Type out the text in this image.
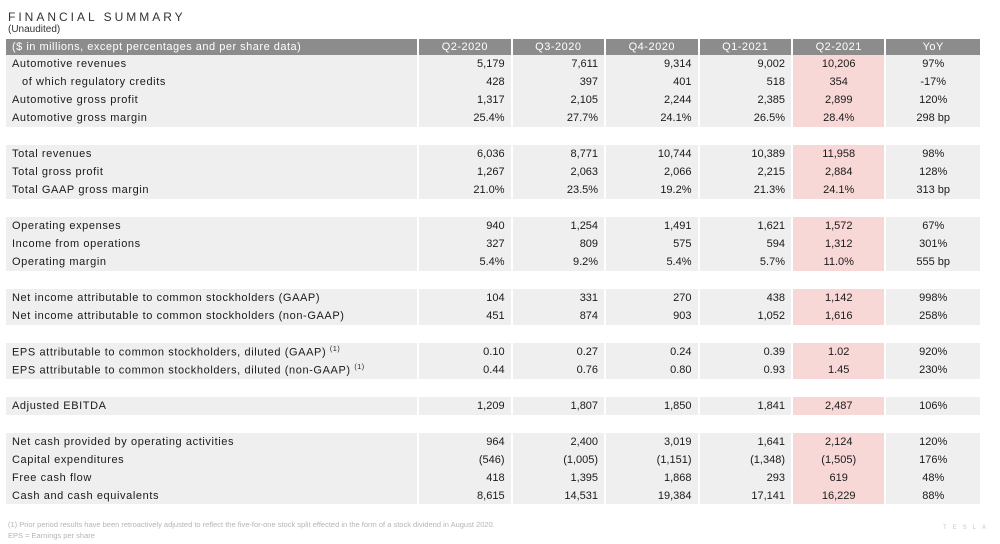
FINANCIAL SUMMARY
(Unaudited)
($ in millions, except percentages and per share data)	Q2-2020	Q3-2020	Q4-2020	Q1-2021	Q2-2021	YoY
Automotive revenues	5,179	7,611	9,314	9,002	10,206	97%
of which regulatory credits	428	397	401	518	354	-17%
Automotive gross profit	1,317	2,105	2,244	2,385	2,899	120%
Automotive gross margin	25.4%	27.7%	24.1%	26.5%	28.4%	298 bp

Total revenues	6,036	8,771	10,744	10,389	11,958	98%
Total gross profit	1,267	2,063	2,066	2,215	2,884	128%
Total GAAP gross margin	21.0%	23.5%	19.2%	21.3%	24.1%	313 bp

Operating expenses	940	1,254	1,491	1,621	1,572	67%
Income from operations	327	809	575	594	1,312	301%
Operating margin	5.4%	9.2%	5.4%	5.7%	11.0%	555 bp

Net income attributable to common stockholders (GAAP)	104	331	270	438	1,142	998%
Net income attributable to common stockholders (non-GAAP)	451	874	903	1,052	1,616	258%

EPS attributable to common stockholders, diluted (GAAP) $^{(1)}$	0.10	0.27	0.24	0.39	1.02	920%
EPS attributable to common stockholders, diluted (non-GAAP) $^{(1)}$	0.44	0.76	0.80	0.93	1.45	230%

Adjusted EBITDA	1,209	1,807	1,850	1,841	2,487	106%

Net cash provided by operating activities	964	2,400	3,019	1,641	2,124	120%
Capital expenditures	(546)	(1,005)	(1,151)	(1,348)	(1,505)	176%
Free cash flow	418	1,395	1,868	293	619	48%
Cash and cash equivalents	8,615	14,531	19,384	17,141	16,229	88%
(1) Prior period results have been retroactively adjusted to reflect the five-for-one stock split effected in the form of a stock dividend in August 2020.
EPS = Earnings per share
TESLA
